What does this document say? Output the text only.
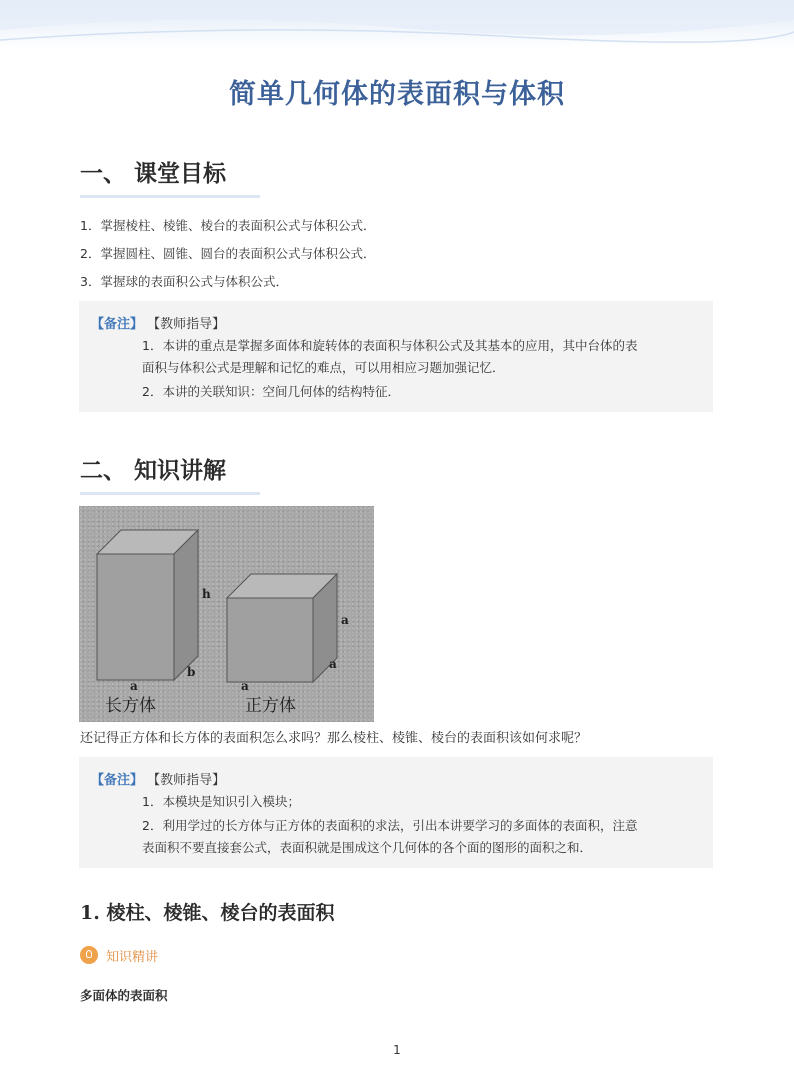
简单几何体的表面积与体积
一、 课堂目标
1．掌握棱柱、棱锥、棱台的表面积公式与体积公式．
2．掌握圆柱、圆锥、圆台的表面积公式与体积公式．
3．掌握球的表面积公式与体积公式．
【备注】 【教师指导】
1．本讲的重点是掌握多面体和旋转体的表面积与体积公式及其基本的应用，其中台体的表
面积与体积公式是理解和记忆的难点，可以用相应习题加强记忆．
2．本讲的关联知识：空间几何体的结构特征．
二、 知识讲解
h
b
a
a
a
a
长方体	正方体
还记得正方体和长方体的表面积怎么求吗？那么棱柱、棱锥、棱台的表面积该如何求呢？
【备注】 【教师指导】
1．本模块是知识引入模块；
2．利用学过的长方体与正方体的表面积的求法，引出本讲要学习的多面体的表面积，注意
表面积不要直接套公式，表面积就是围成这个几何体的各个面的图形的面积之和．
1. 棱柱、棱锥、棱台的表面积
知识精讲
多面体的表面积
1
